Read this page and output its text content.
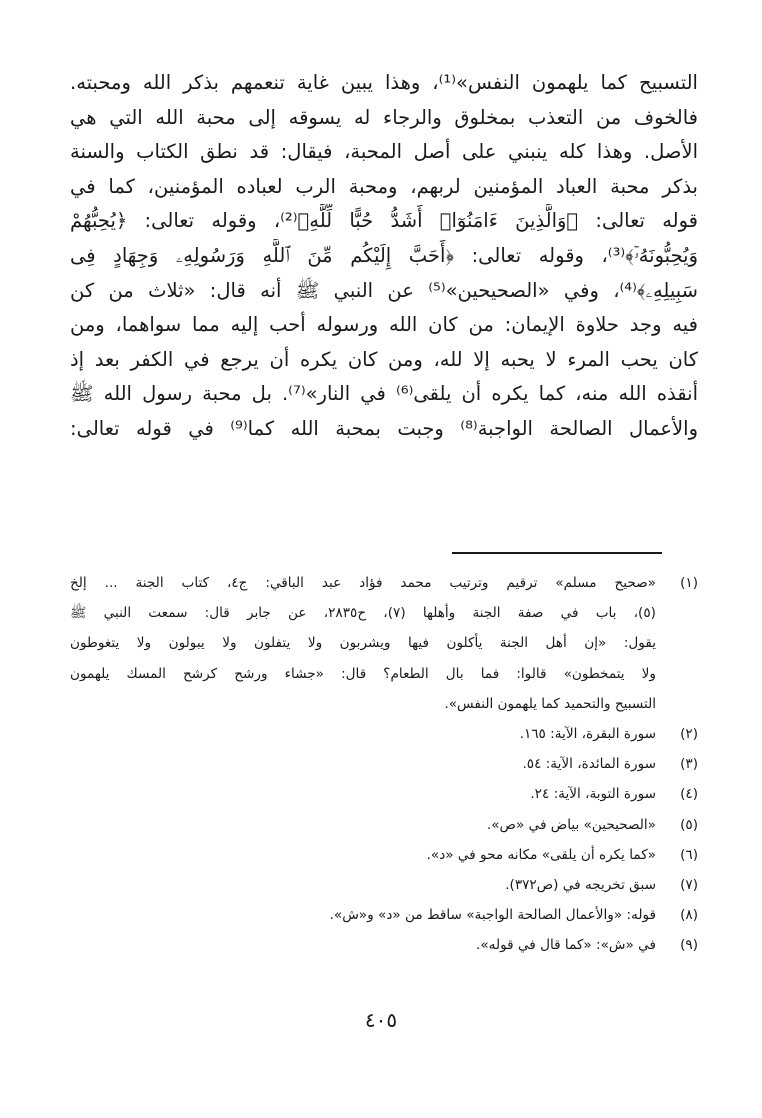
التسبيح كما يلهمون النفس»⁽¹⁾، وهذا يبين غاية تنعمهم بذكر الله ومحبته.
فالخوف من التعذب بمخلوق والرجاء له يسوقه إلى محبة الله التي هي
الأصل. وهذا كله ينبني على أصل المحبة، فيقال: قد نطق الكتاب والسنة
بذكر محبة العباد المؤمنين لربهم، ومحبة الرب لعباده المؤمنين، كما في
قوله تعالى: ﴿وَالَّذِينَ ءَامَنُوٓا۟ أَشَدُّ حُبًّا لِّلَّهِ﴾⁽²⁾، وقوله تعالى: ﴿يُحِبُّهُمْ
وَيُحِبُّونَهُۥٓ﴾⁽³⁾، وقوله تعالى: ﴿أَحَبَّ إِلَيْكُم مِّنَ ٱللَّهِ وَرَسُولِهِۦ وَجِهَادٍ فِى
سَبِيلِهِۦ﴾⁽⁴⁾، وفي «الصحيحين»⁽⁵⁾ عن النبي ﷺ أنه قال: «ثلاث من كن
فيه وجد حلاوة الإيمان: من كان الله ورسوله أحب إليه مما سواهما، ومن
كان يحب المرء لا يحبه إلا لله، ومن كان يكره أن يرجع في الكفر بعد إذ
أنقذه الله منه، كما يكره أن يلقى⁽⁶⁾ في النار»⁽⁷⁾. بل محبة رسول الله ﷺ
والأعمال الصالحة الواجبة⁽⁸⁾ وجبت بمحبة الله كما⁽⁹⁾ في قوله تعالى:
(١)
«صحيح مسلم» ترقيم وترتيب محمد فؤاد عبد الباقي: ج٤، كتاب الجنة ... إلخ
(٥)، باب في صفة الجنة وأهلها (٧)، ح٢٨٣٥، عن جابر قال: سمعت النبي ﷺ
يقول: «إن أهل الجنة يأكلون فيها ويشربون ولا يتفلون ولا يبولون ولا يتغوطون
ولا يتمخطون» قالوا: فما بال الطعام؟ قال: «جشاء ورشح كرشح المسك يلهمون
التسبيح والتحميد كما يلهمون النفس».
(٢)
سورة البقرة، الآية: ١٦٥.
(٣)
سورة المائدة، الآية: ٥٤.
(٤)
سورة التوبة، الآية: ٢٤.
(٥)
«الصحيحين» بياض في «ص».
(٦)
«كما يكره أن يلقى» مكانه محو في «د».
(٧)
سبق تخريجه في (ص٣٧٢).
(٨)
قوله: «والأعمال الصالحة الواجبة» ساقط من «د» و«ش».
(٩)
في «ش»: «كما قال في قوله».
٤٠٥
